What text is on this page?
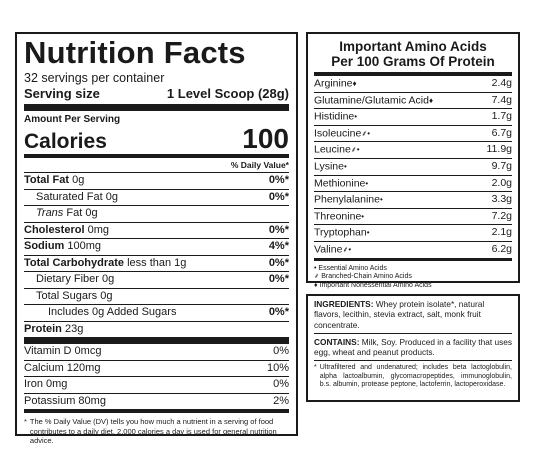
Nutrition Facts
32 servings per container
Serving size	1 Level Scoop (28g)
Amount Per Serving
Calories	100
% Daily Value*
Total Fat 0g	0%*
Saturated Fat 0g	0%*
Trans Fat 0g
Cholesterol 0mg	0%*
Sodium 100mg	4%*
Total Carbohydrate less than 1g	0%*
Dietary Fiber 0g	0%*
Total Sugars 0g
Includes 0g Added Sugars	0%*
Protein 23g
Vitamin D 0mcg	0%
Calcium 120mg	10%
Iron 0mg	0%
Potassium 80mg	2%
* The % Daily Value (DV) tells you how much a nutrient in a serving of food contributes to a daily diet. 2,000 calories a day is used for general nutrition advice.
Important Amino Acids
Per 100 Grams Of Protein
Arginine♦	2.4g
Glutamine/Glutamic Acid♦	7.4g
Histidine•	1.7g
Isoleucine⸙•	6.7g
Leucine⸙•	11.9g
Lysine•	9.7g
Methionine•	2.0g
Phenylalanine•	3.3g
Threonine•	7.2g
Tryptophan•	2.1g
Valine⸙•	6.2g
• Essential Amino Acids
⸙ Branched-Chain Amino Acids
♦ Important Nonessential Amino Acids

INGREDIENTS: Whey protein isolate*, natural flavors, lecithin, stevia extract, salt, monk fruit concentrate.

CONTAINS: Milk, Soy. Produced in a facility that uses egg, wheat and peanut products.

* Ultrafiltered and undenatured; includes beta lactoglobulin, alpha lactoalbumin, glycomacropeptides, immunoglobulin, b.s. albumin, protease peptone, lactoferrin, lactoperoxidase.
